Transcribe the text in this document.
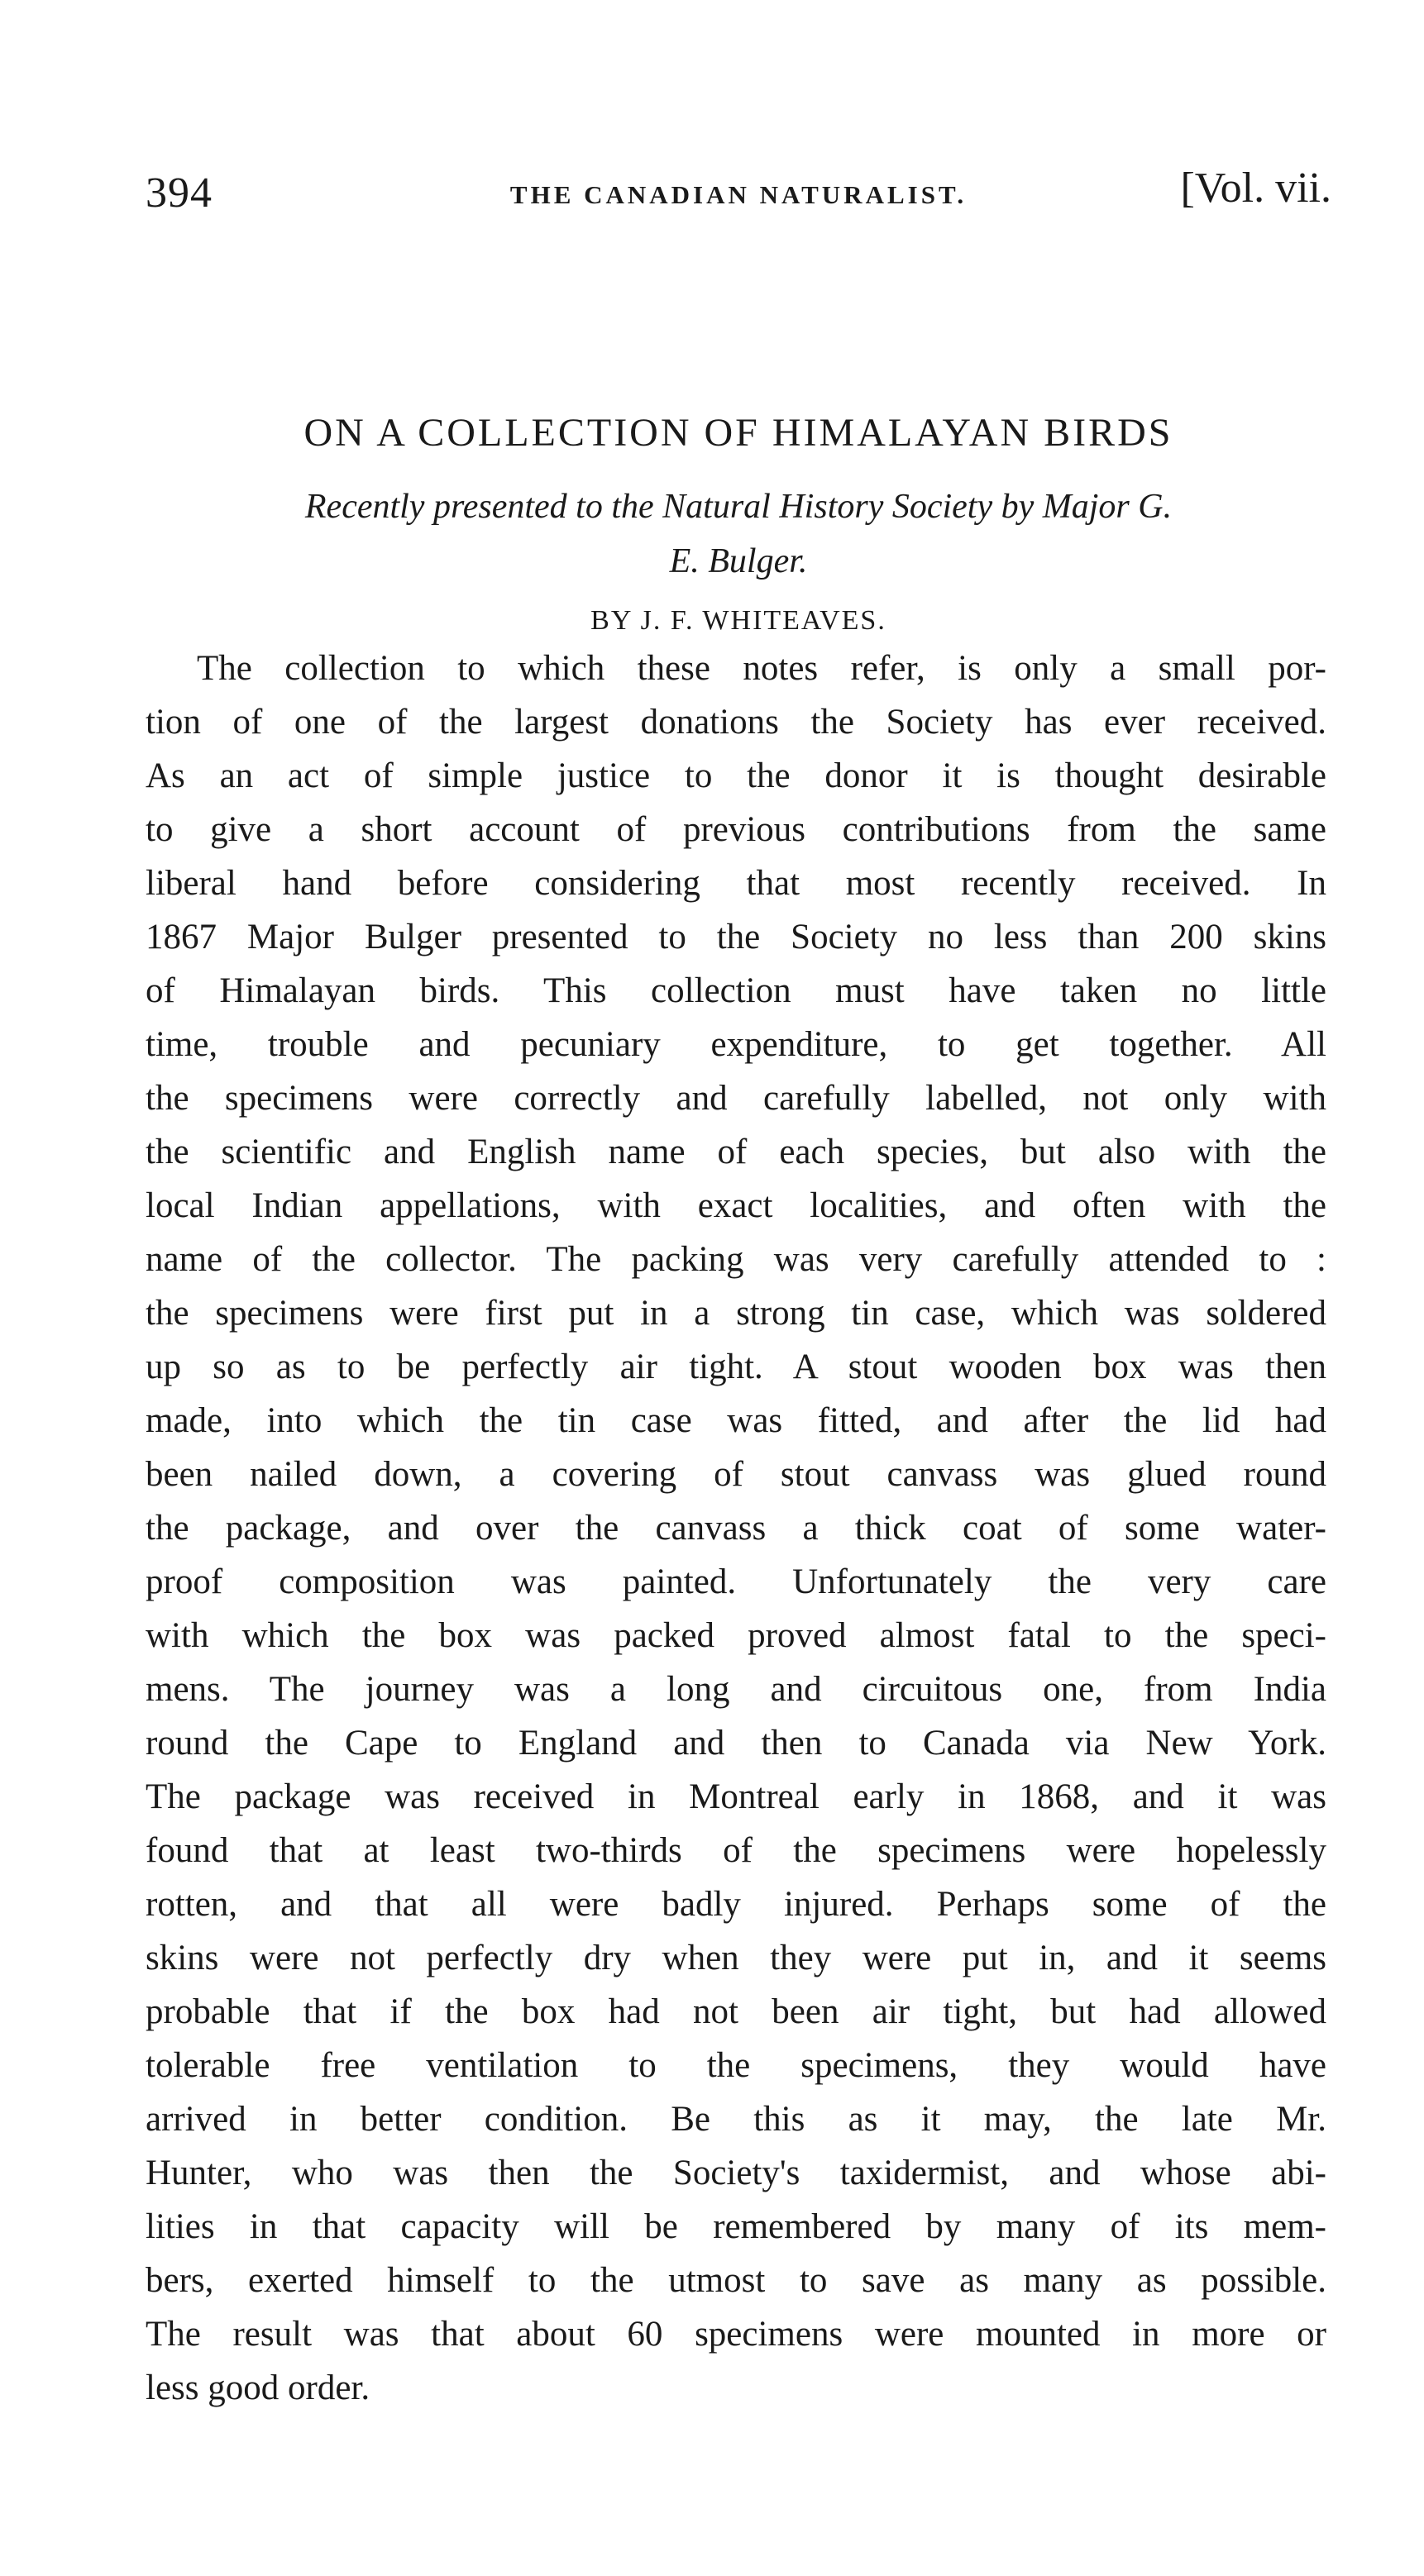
394	THE CANADIAN NATURALIST.	[Vol. vii.
ON A COLLECTION OF HIMALAYAN BIRDS
Recently presented to the Natural History Society by Major G.
E. Bulger.
BY J. F. WHITEAVES.
The collection to which these notes refer, is only a small por-
tion of one of the largest donations the Society has ever received.
As an act of simple justice to the donor it is thought desirable
to give a short account of previous contributions from the same
liberal hand before considering that most recently received. In
1867 Major Bulger presented to the Society no less than 200 skins
of Himalayan birds. This collection must have taken no little
time, trouble and pecuniary expenditure, to get together. All
the specimens were correctly and carefully labelled, not only with
the scientific and English name of each species, but also with the
local Indian appellations, with exact localities, and often with the
name of the collector. The packing was very carefully attended to :
the specimens were first put in a strong tin case, which was soldered
up so as to be perfectly air tight. A stout wooden box was then
made, into which the tin case was fitted, and after the lid had
been nailed down, a covering of stout canvass was glued round
the package, and over the canvass a thick coat of some water-
proof composition was painted. Unfortunately the very care
with which the box was packed proved almost fatal to the speci-
mens. The journey was a long and circuitous one, from India
round the Cape to England and then to Canada via New York.
The package was received in Montreal early in 1868, and it was
found that at least two-thirds of the specimens were hopelessly
rotten, and that all were badly injured. Perhaps some of the
skins were not perfectly dry when they were put in, and it seems
probable that if the box had not been air tight, but had allowed
tolerable free ventilation to the specimens, they would have
arrived in better condition. Be this as it may, the late Mr.
Hunter, who was then the Society's taxidermist, and whose abi-
lities in that capacity will be remembered by many of its mem-
bers, exerted himself to the utmost to save as many as possible.
The result was that about 60 specimens were mounted in more or
less good order.
